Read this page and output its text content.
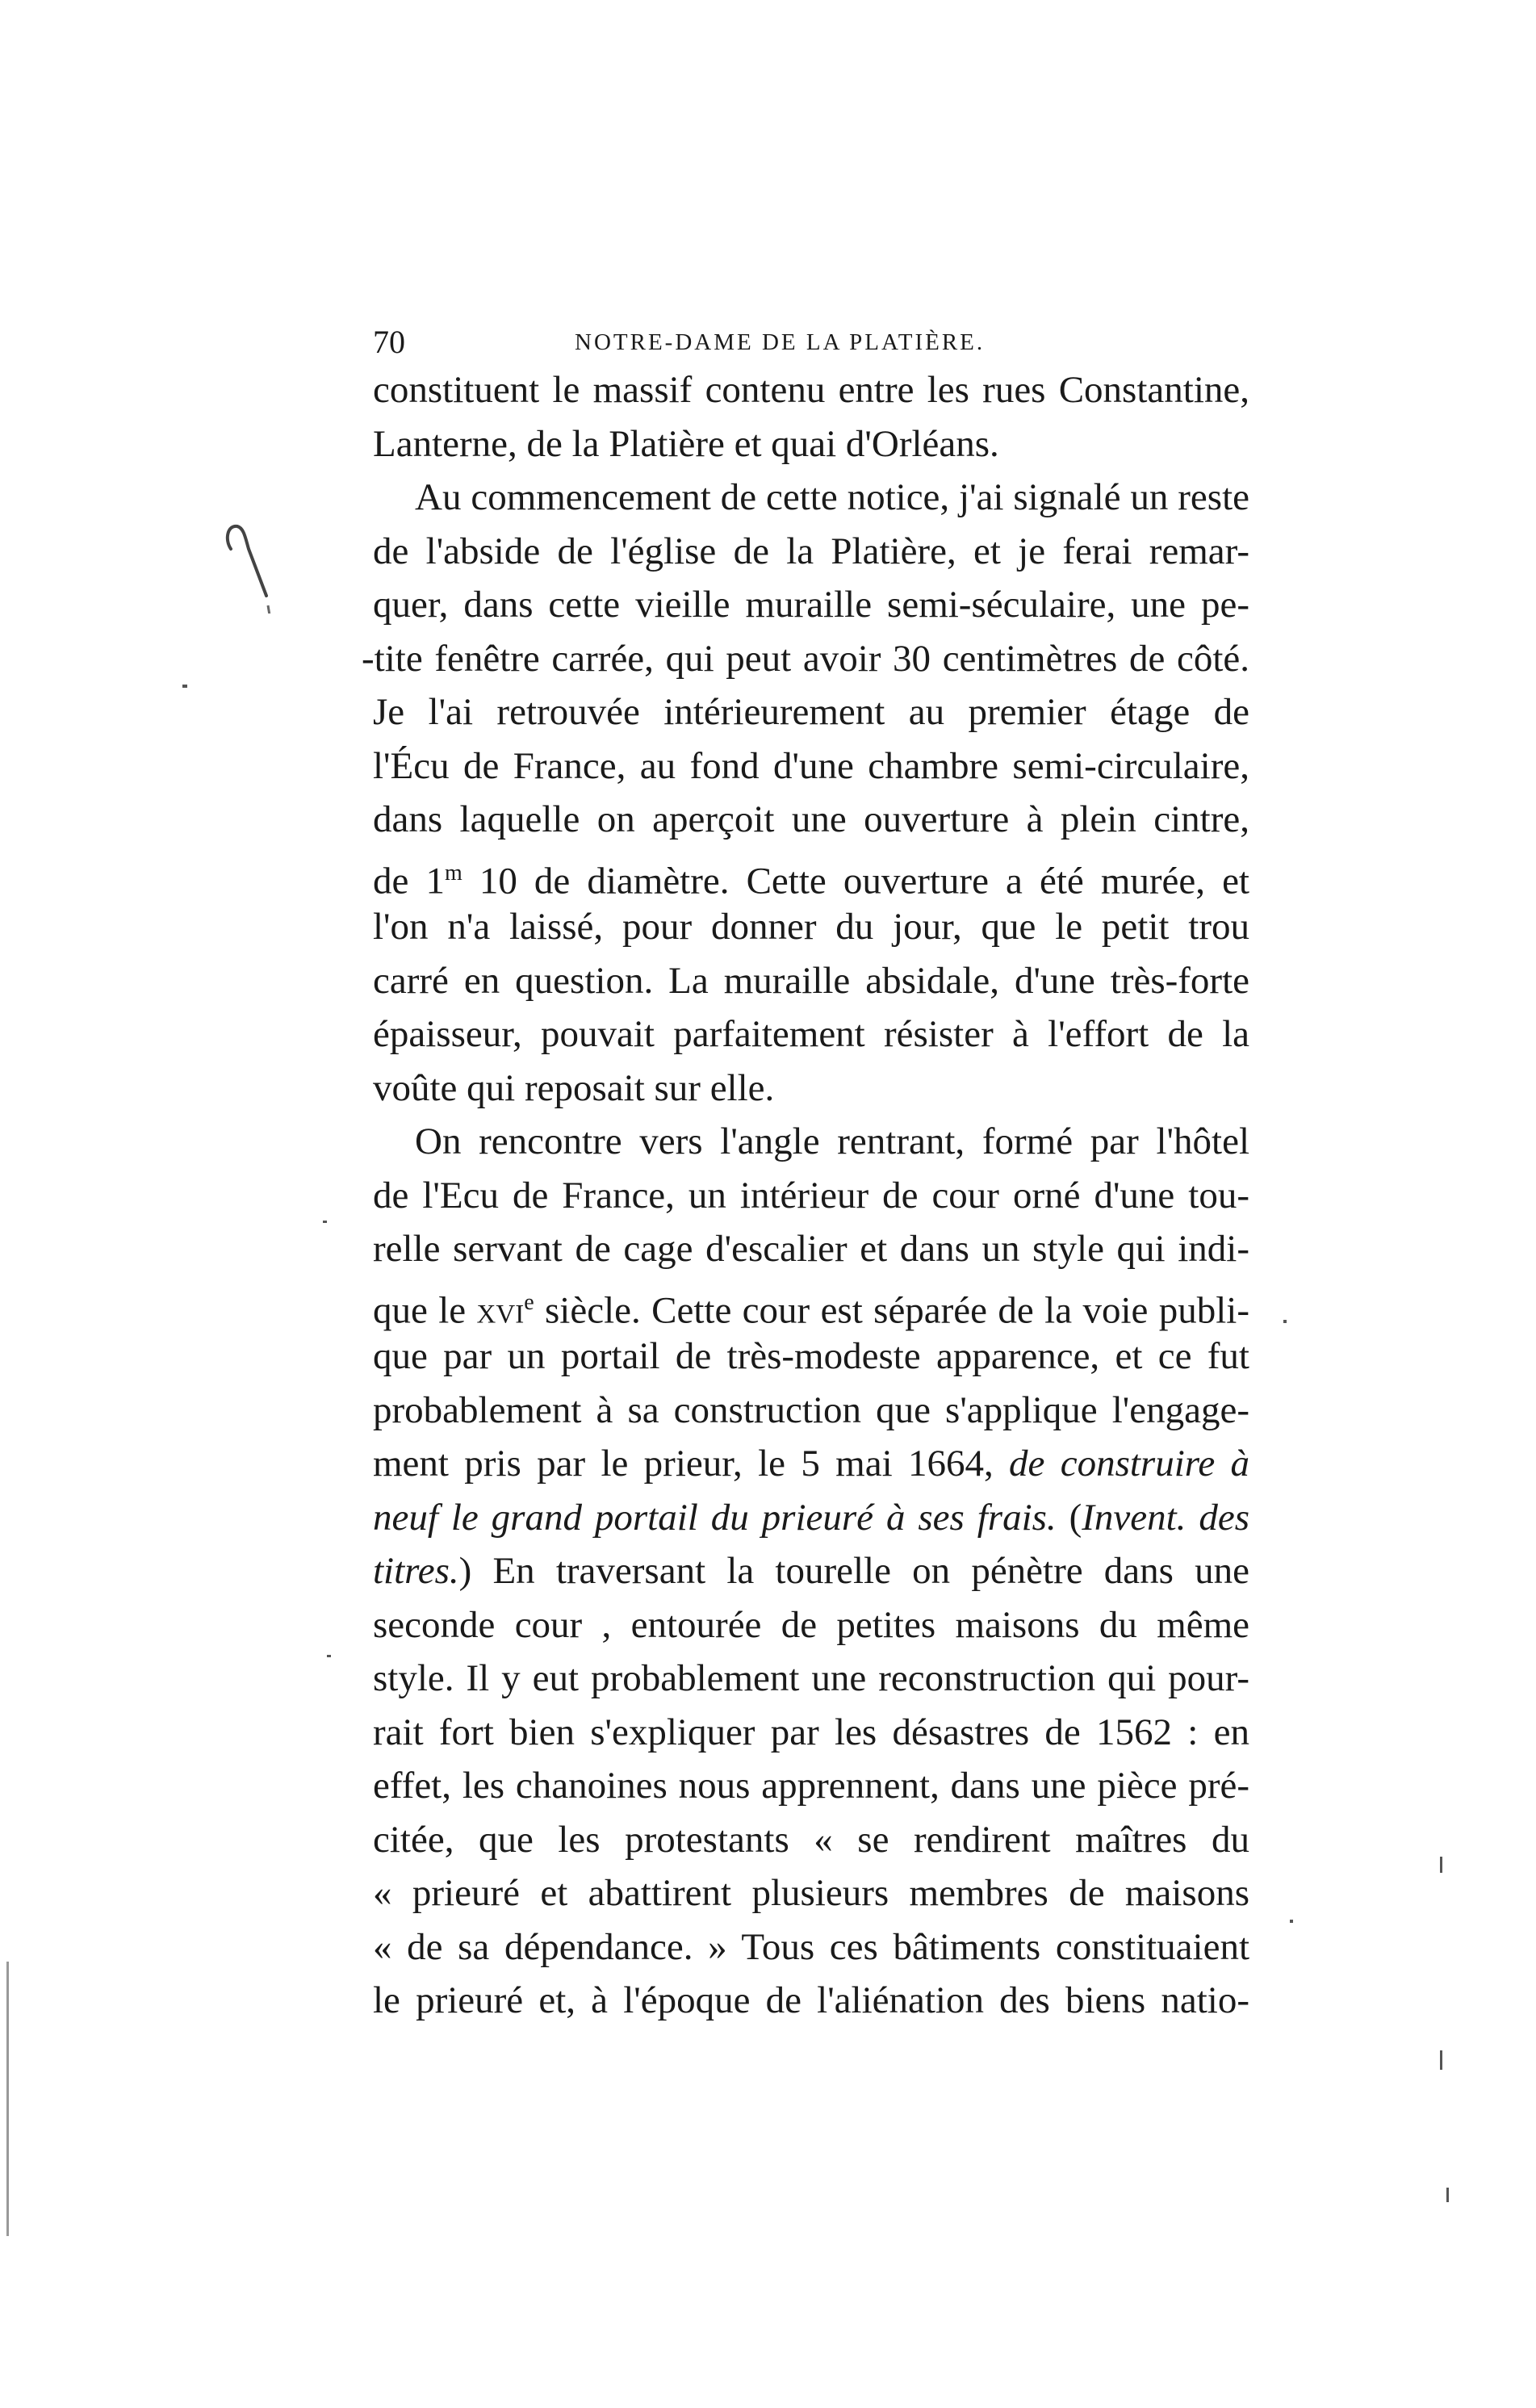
70	NOTRE-DAME DE LA PLATIÈRE.
constituent le massif contenu entre les rues Constantine,
Lanterne, de la Platière et quai d'Orléans.
Au commencement de cette notice, j'ai signalé un reste
de l'abside de l'église de la Platière, et je ferai remar-
quer, dans cette vieille muraille semi-séculaire, une pe-
-tite fenêtre carrée, qui peut avoir 30 centimètres de côté.
Je l'ai retrouvée intérieurement au premier étage de
l'Écu de France, au fond d'une chambre semi-circulaire,
dans laquelle on aperçoit une ouverture à plein cintre,
de 1$^m$ 10 de diamètre. Cette ouverture a été murée, et
l'on n'a laissé, pour donner du jour, que le petit trou
carré en question. La muraille absidale, d'une très-forte
épaisseur, pouvait parfaitement résister à l'effort de la
voûte qui reposait sur elle.
On rencontre vers l'angle rentrant, formé par l'hôtel
de l'Ecu de France, un intérieur de cour orné d'une tou-
relle servant de cage d'escalier et dans un style qui indi-
que le xvi$^e$ siècle. Cette cour est séparée de la voie publi-
que par un portail de très-modeste apparence, et ce fut
probablement à sa construction que s'applique l'engage-
ment pris par le prieur, le 5 mai 1664, de construire à
neuf le grand portail du prieuré à ses frais. (Invent. des
titres.) En traversant la tourelle on pénètre dans une
seconde cour , entourée de petites maisons du même
style. Il y eut probablement une reconstruction qui pour-
rait fort bien s'expliquer par les désastres de 1562 : en
effet, les chanoines nous apprennent, dans une pièce pré-
citée, que les protestants « se rendirent maîtres du
« prieuré et abattirent plusieurs membres de maisons
« de sa dépendance. » Tous ces bâtiments constituaient
le prieuré et, à l'époque de l'aliénation des biens natio-
